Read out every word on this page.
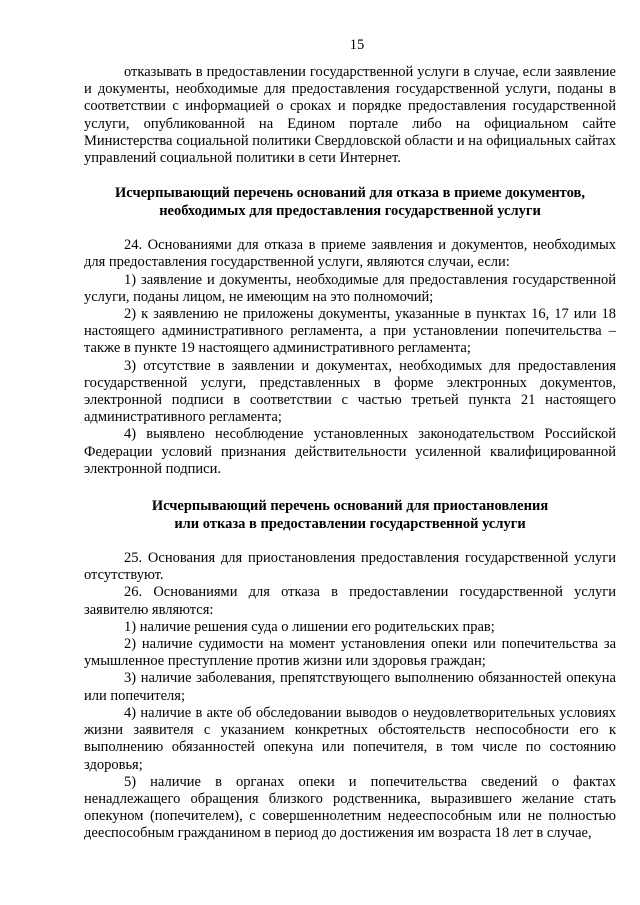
15

отказывать в предоставлении государственной услуги в случае, если заявление и документы, необходимые для предоставления государственной услуги, поданы в соответствии с информацией о сроках и порядке предоставления государственной услуги, опубликованной на Едином портале либо на официальном сайте Министерства социальной политики Свердловской области и на официальных сайтах управлений социальной политики в сети Интернет.

Исчерпывающий перечень оснований для отказа в приеме документов,
необходимых для предоставления государственной услуги

24. Основаниями для отказа в приеме заявления и документов, необходимых для предоставления государственной услуги, являются случаи, если:

1) заявление и документы, необходимые для предоставления государственной услуги, поданы лицом, не имеющим на это полномочий;

2) к заявлению не приложены документы, указанные в пунктах 16, 17 или 18 настоящего административного регламента, а при установлении попечительства – также в пункте 19 настоящего административного регламента;

3) отсутствие в заявлении и документах, необходимых для предоставления государственной услуги, представленных в форме электронных документов, электронной подписи в соответствии с частью третьей пункта 21 настоящего административного регламента;

4) выявлено несоблюдение установленных законодательством Российской Федерации условий признания действительности усиленной квалифицированной электронной подписи.

Исчерпывающий перечень оснований для приостановления
или отказа в предоставлении государственной услуги

25. Основания для приостановления предоставления государственной услуги отсутствуют.

26. Основаниями для отказа в предоставлении государственной услуги заявителю являются:

1) наличие решения суда о лишении его родительских прав;

2) наличие судимости на момент установления опеки или попечительства за умышленное преступление против жизни или здоровья граждан;

3) наличие заболевания, препятствующего выполнению обязанностей опекуна или попечителя;

4) наличие в акте об обследовании выводов о неудовлетворительных условиях жизни заявителя с указанием конкретных обстоятельств неспособности его к выполнению обязанностей опекуна или попечителя, в том числе по состоянию здоровья;

5) наличие в органах опеки и попечительства сведений о фактах ненадлежащего обращения близкого родственника, выразившего желание стать опекуном (попечителем), с совершеннолетним недееспособным или не полностью дееспособным гражданином в период до достижения им возраста 18 лет в случае,
